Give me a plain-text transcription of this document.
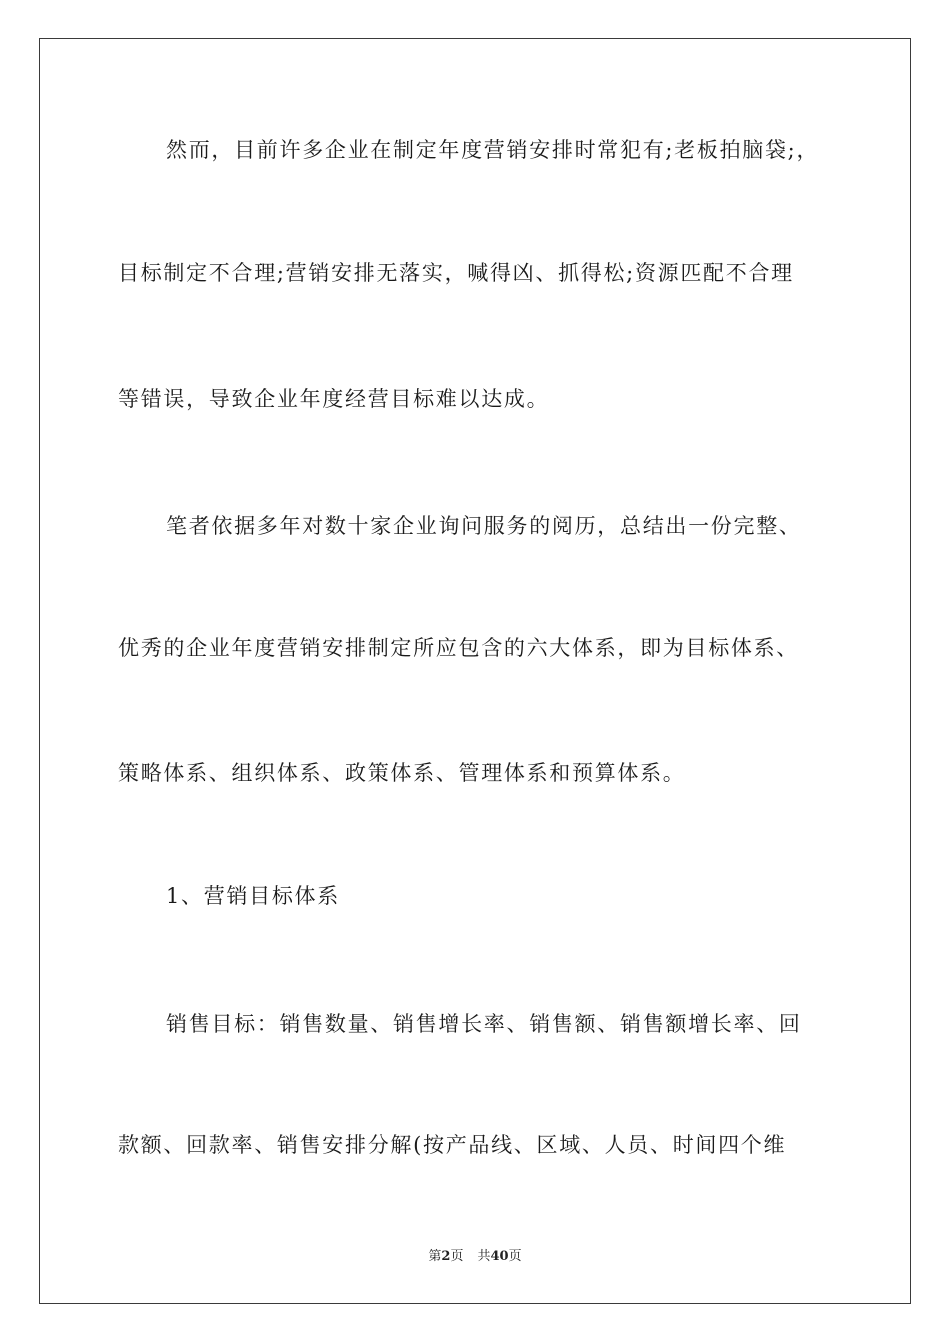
然而，目前许多企业在制定年度营销安排时常犯有;老板拍脑袋;，
目标制定不合理;营销安排无落实，喊得凶、抓得松;资源匹配不合理
等错误，导致企业年度经营目标难以达成。
笔者依据多年对数十家企业询问服务的阅历，总结出一份完整、
优秀的企业年度营销安排制定所应包含的六大体系，即为目标体系、
策略体系、组织体系、政策体系、管理体系和预算体系。
1、营销目标体系
销售目标：销售数量、销售增长率、销售额、销售额增长率、回
款额、回款率、销售安排分解(按产品线、区域、人员、时间四个维
第2页 共40页
